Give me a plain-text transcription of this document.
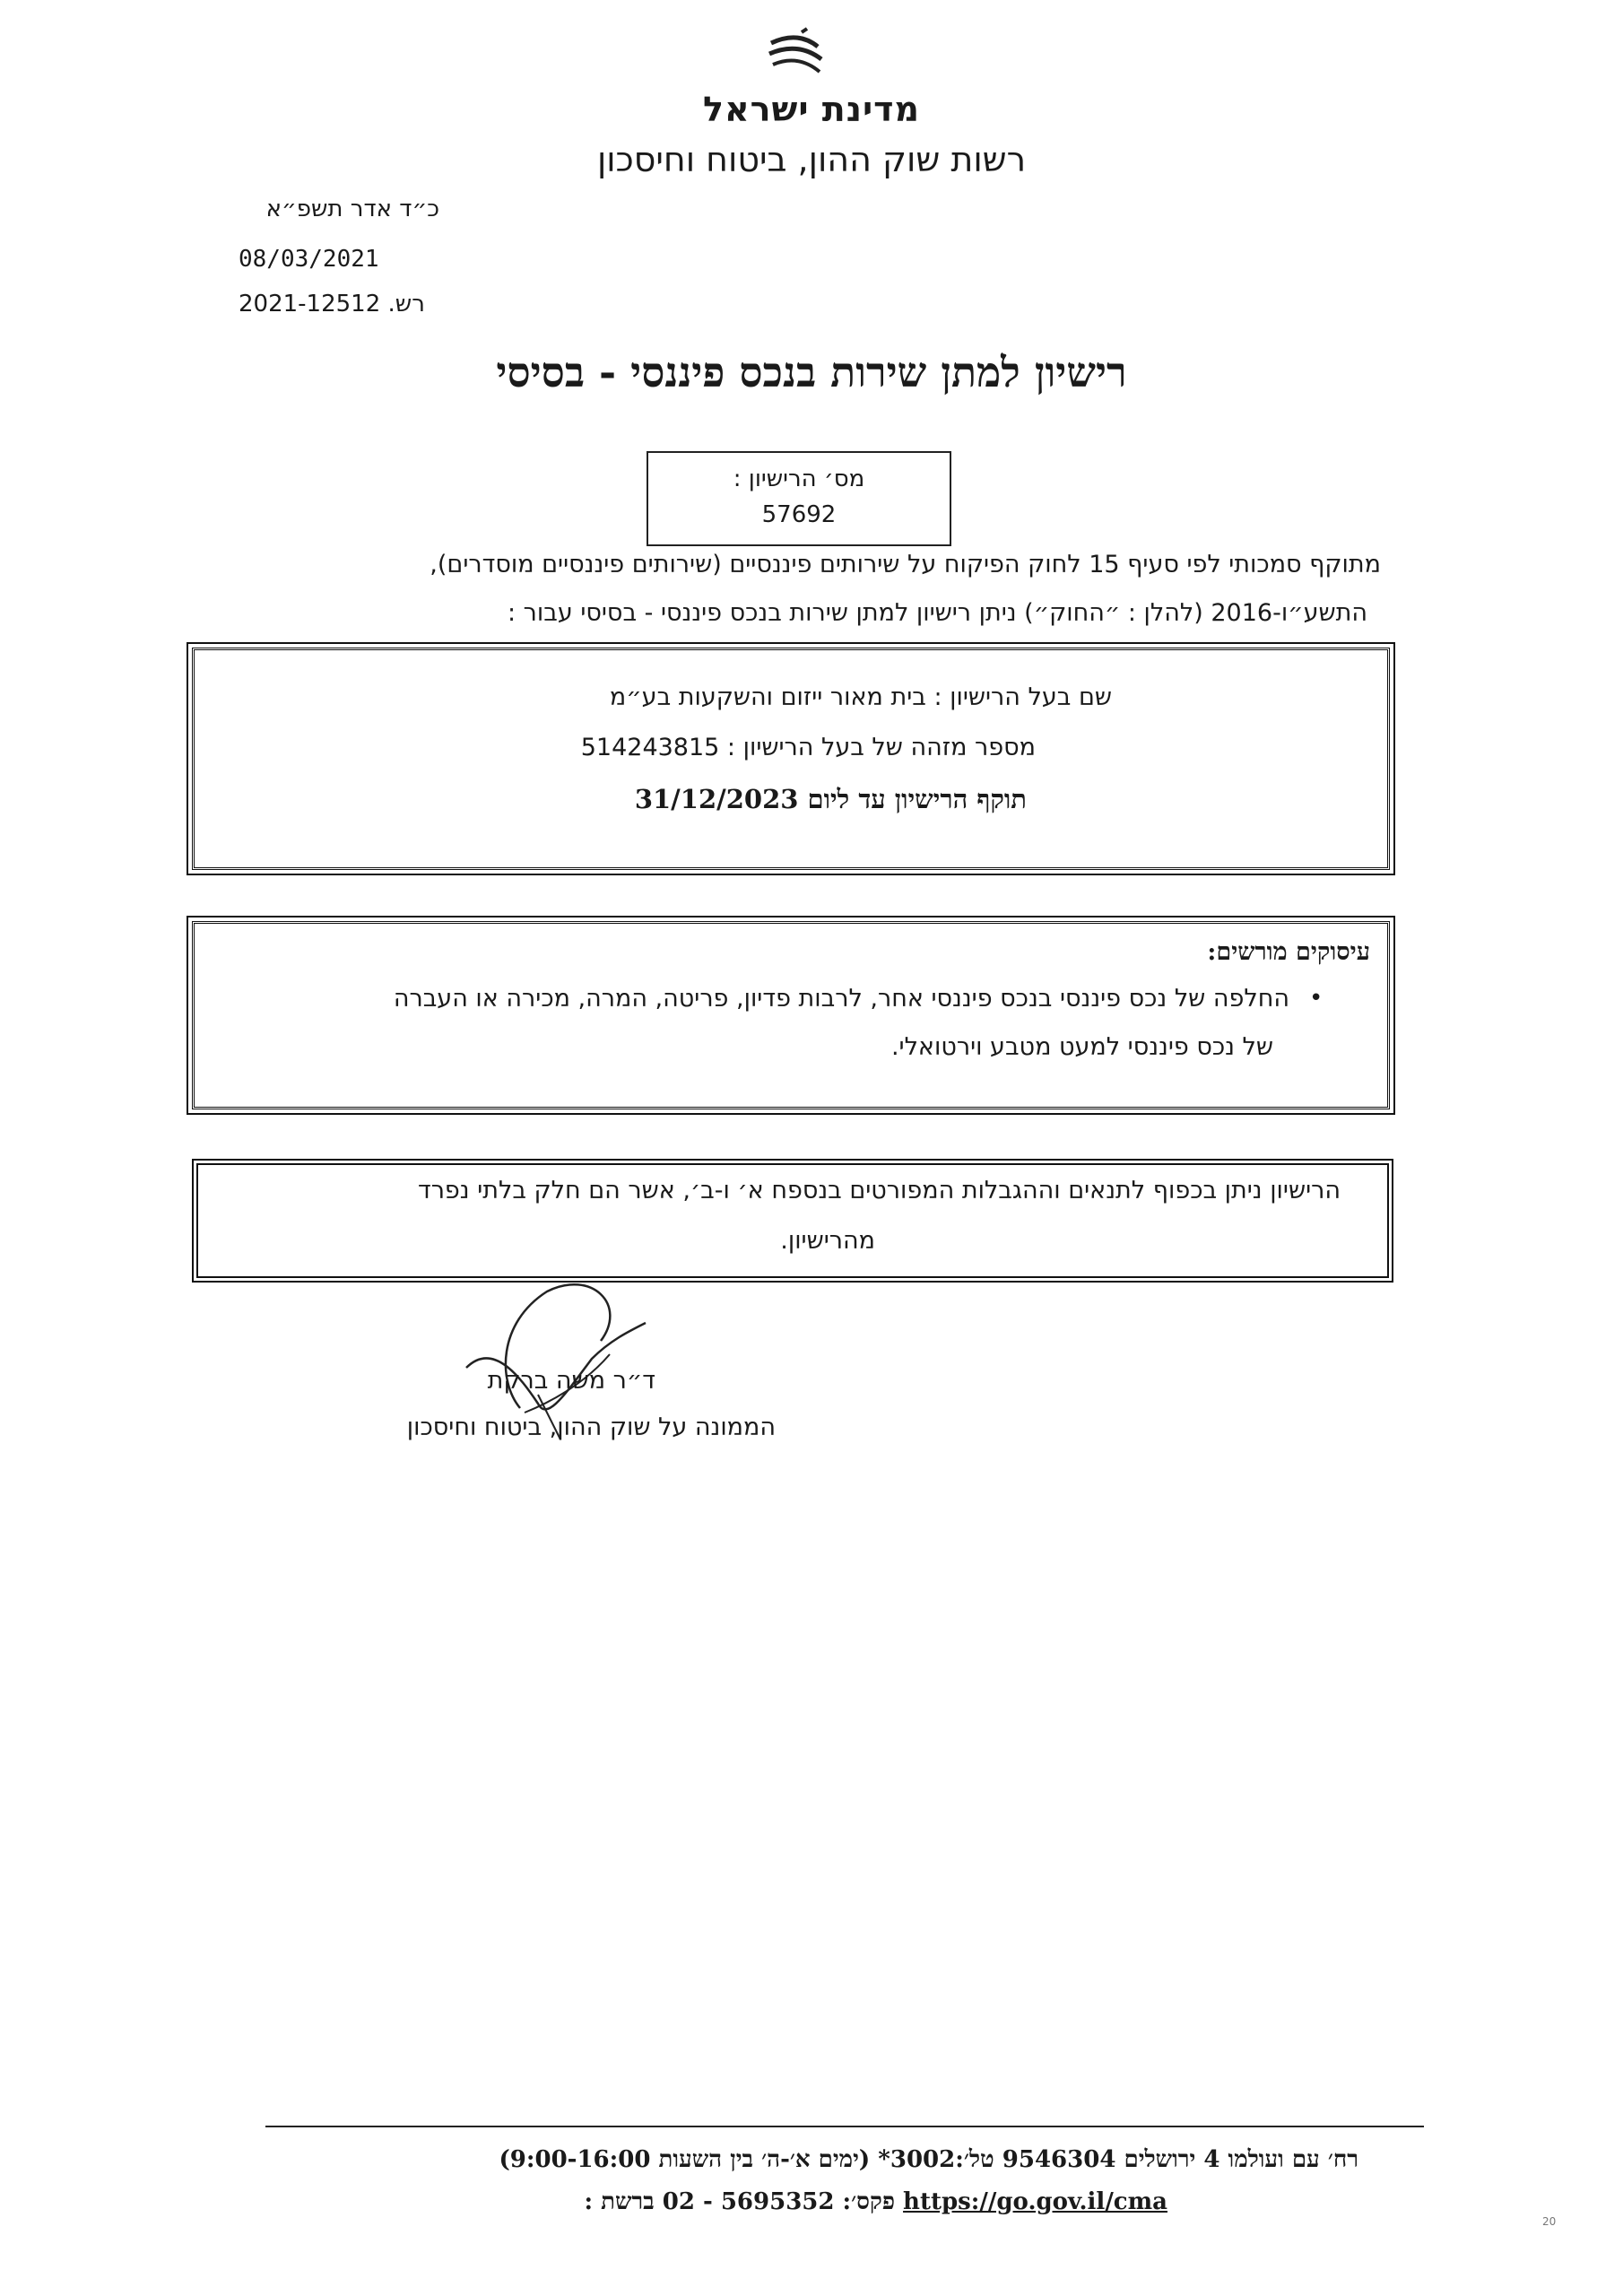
מדינת ישראל
רשות שוק ההון, ביטוח וחיסכון
כ״ד אדר תשפ״א
08/03/2021
רש. 2021-12512
רישיון למתן שירות בנכס פיננסי - בסיסי
מס׳ הרישיון :
57692
מתוקף סמכותי לפי סעיף 15 לחוק הפיקוח על שירותים פיננסיים (שירותים פיננסיים מוסדרים),
התשע״ו-2016 (להלן : ״החוק״) ניתן רישיון למתן שירות בנכס פיננסי - בסיסי עבור :
שם בעל הרישיון : בית מאור ייזום והשקעות בע״מ
מספר מזהה של בעל הרישיון : 514243815
תוקף הרישיון עד ליום 31/12/2023
עיסוקים מורשים:
•
החלפה של נכס פיננסי בנכס פיננסי אחר, לרבות פדיון, פריטה, המרה, מכירה או העברה
של נכס פיננסי למעט מטבע וירטואלי.
הרישיון ניתן בכפוף לתנאים וההגבלות המפורטים בנספח א׳ ו-ב׳, אשר הם חלק בלתי נפרד
מהרישיון.
ד״ר משה ברקת
הממונה על שוק ההון, ביטוח וחיסכון
רח׳ עם ועולמו 4 ירושלים 9546304 טל׳:3002* (ימים א׳-ה׳ בין השעות 9:00-16:00)
פקס׳: 5695352 - 02 ברשת : https://go.gov.il/cma
20
